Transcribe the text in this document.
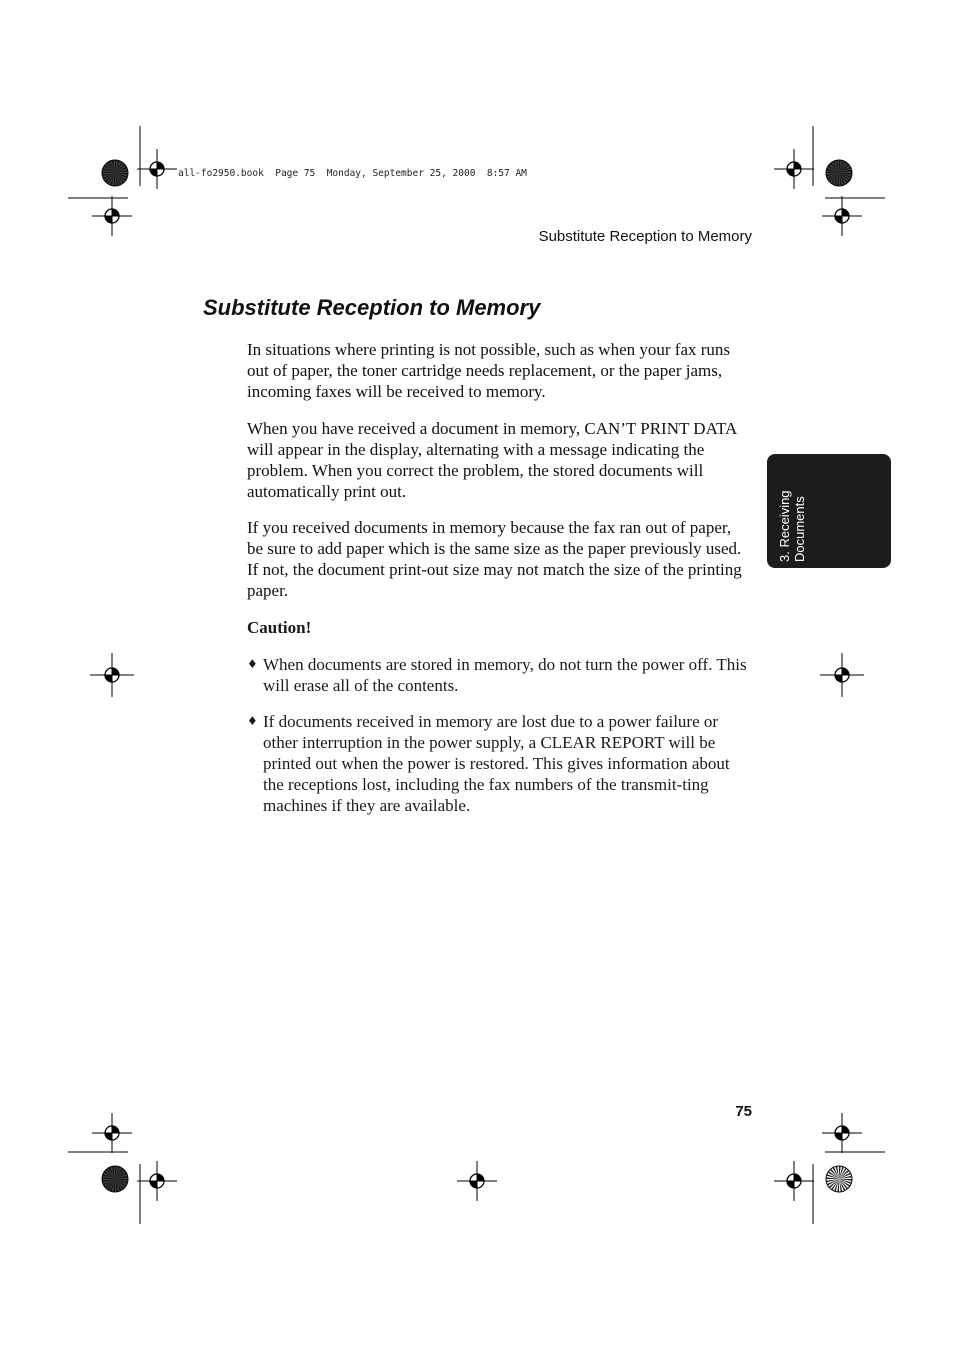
all-fo2950.book  Page 75  Monday, September 25, 2000  8:57 AM
Substitute Reception to Memory
Substitute Reception to Memory

In situations where printing is not possible, such as when your fax runs out of paper, the toner cartridge needs replacement, or the paper jams, incoming faxes will be received to memory.

When you have received a document in memory, CAN’T PRINT DATA will appear in the display, alternating with a message indicating the problem. When you correct the problem, the stored documents will automatically print out.

If you received documents in memory because the fax ran out of paper, be sure to add paper which is the same size as the paper previously used. If not, the document print-out size may not match the size of the printing paper.

Caution!
♦ When documents are stored in memory, do not turn the power off. This will erase all of the contents.
♦ If documents received in memory are lost due to a power failure or other interruption in the power supply, a CLEAR REPORT will be printed out when the power is restored. This gives information about the receptions lost, including the fax numbers of the transmit-ting machines if they are available.
3. Receiving Documents
75
